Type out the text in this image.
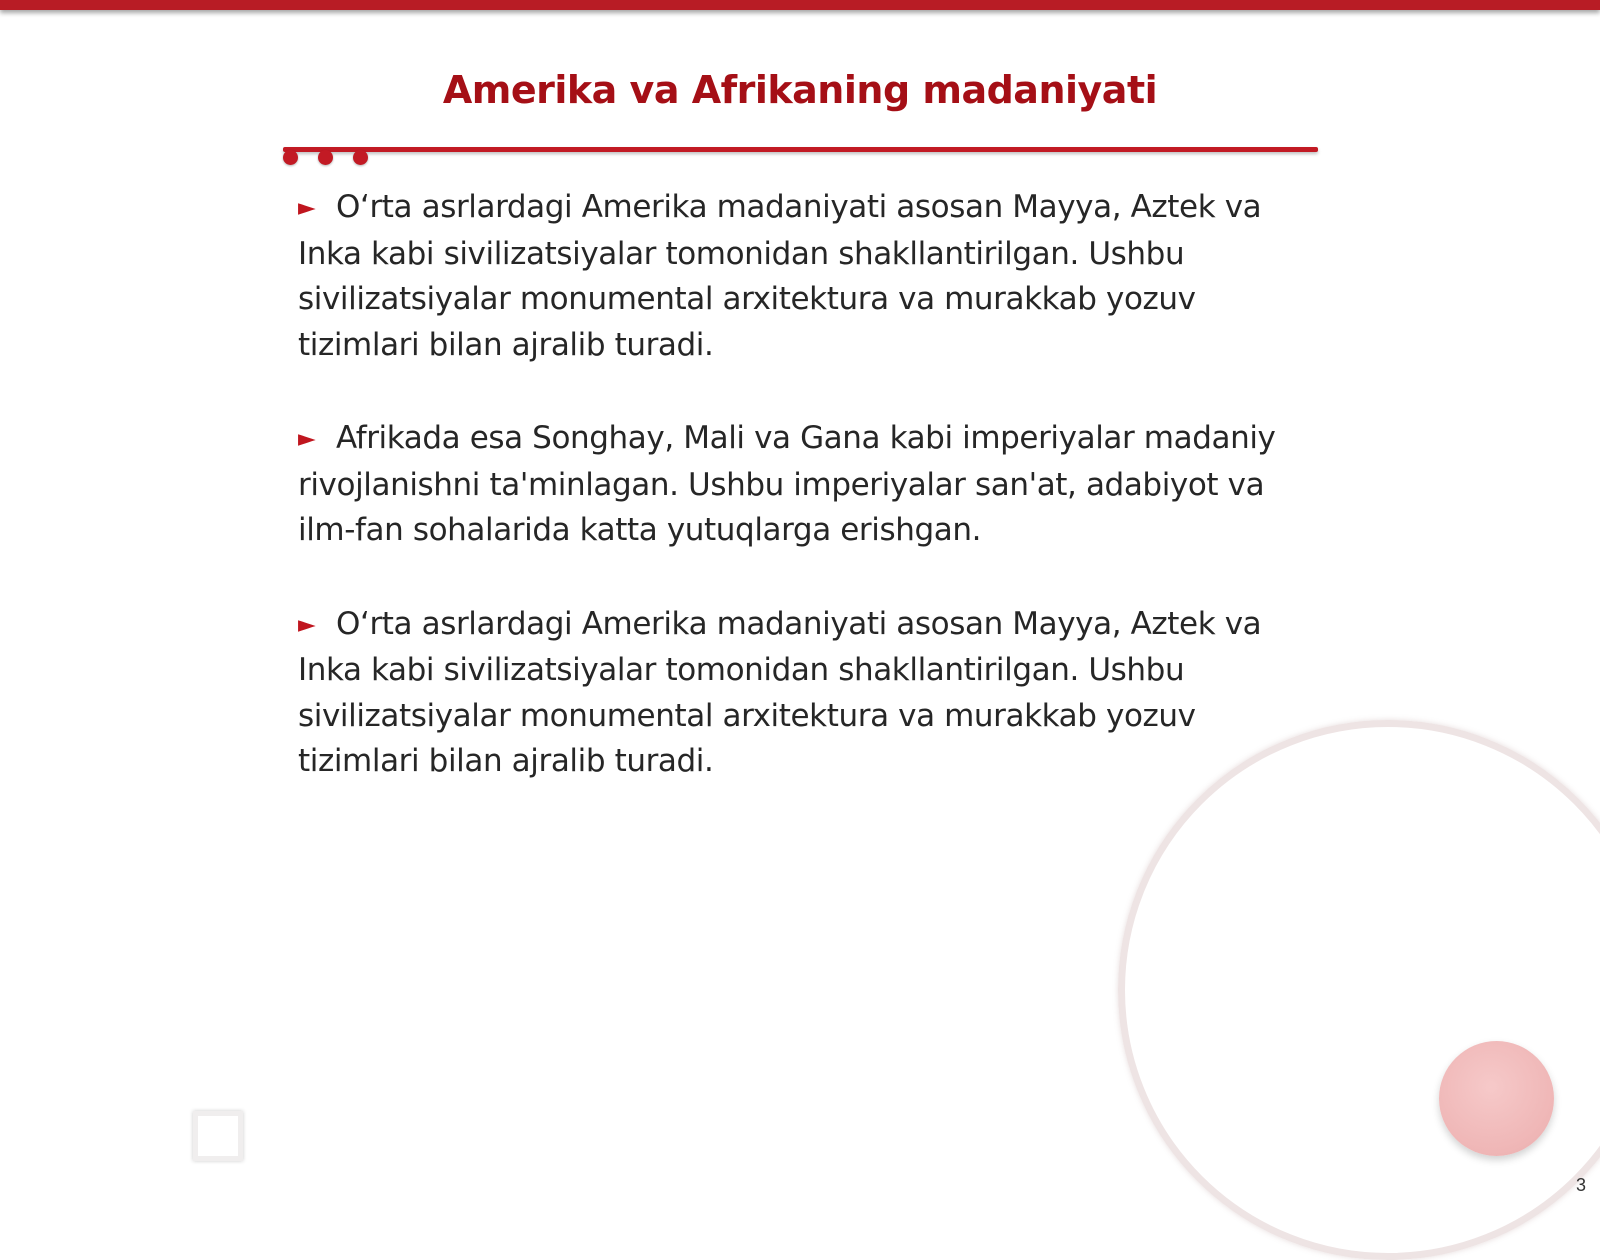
Amerika va Afrikaning madaniyati

► O‘rta asrlardagi Amerika madaniyati asosan Mayya, Aztek va Inka kabi sivilizatsiyalar tomonidan shakllantirilgan. Ushbu sivilizatsiyalar monumental arxitektura va murakkab yozuv tizimlari bilan ajralib turadi.

► Afrikada esa Songhay, Mali va Gana kabi imperiyalar madaniy rivojlanishni ta'minlagan. Ushbu imperiyalar san'at, adabiyot va ilm-fan sohalarida katta yutuqlarga erishgan.

► O‘rta asrlardagi Amerika madaniyati asosan Mayya, Aztek va Inka kabi sivilizatsiyalar tomonidan shakllantirilgan. Ushbu sivilizatsiyalar monumental arxitektura va murakkab yozuv tizimlari bilan ajralib turadi.

3
